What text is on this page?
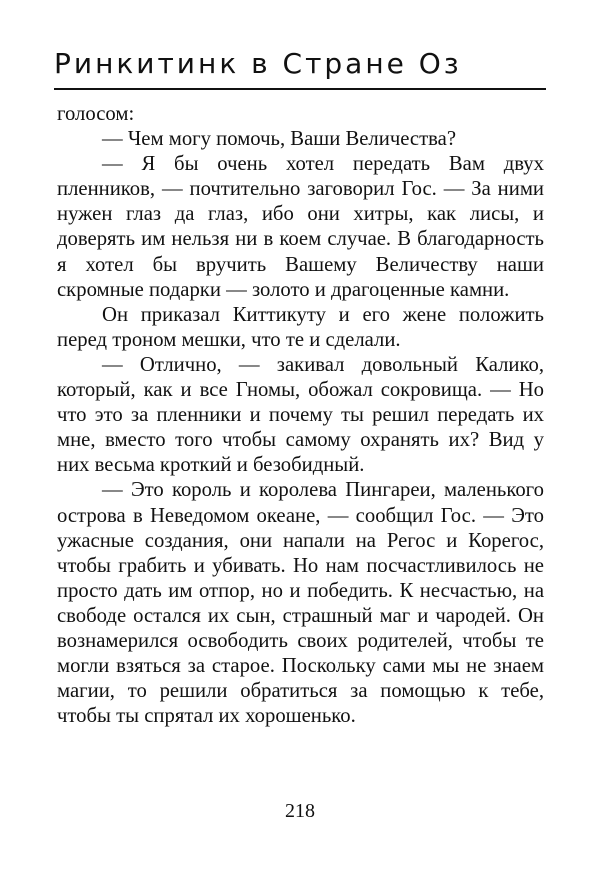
Ринкитинк в Стране Оз

голосом:

— Чем могу помочь, Ваши Величества?

— Я бы очень хотел передать Вам двух пленников, — почтительно заговорил Гос. — За ними нужен глаз да глаз, ибо они хитры, как лисы, и доверять им нельзя ни в коем случае. В благодарность я хотел бы вручить Вашему Величеству наши скромные подарки — золото и драгоценные камни.

Он приказал Киттикуту и его жене положить перед троном мешки, что те и сделали.

— Отлично, — закивал довольный Калико, который, как и все Гномы, обожал сокровища. — Но что это за пленники и почему ты решил передать их мне, вместо того чтобы самому охранять их? Вид у них весьма кроткий и безобидный.

— Это король и королева Пингареи, маленького острова в Неведомом океане, — сообщил Гос. — Это ужасные создания, они напали на Регос и Корегос, чтобы грабить и убивать. Но нам посчастливилось не просто дать им отпор, но и победить. К несчастью, на свободе остался их сын, страшный маг и чародей. Он вознамерился освободить своих родителей, чтобы те могли взяться за старое. Поскольку сами мы не знаем магии, то решили обратиться за помощью к тебе, чтобы ты спрятал их хорошенько.

218
